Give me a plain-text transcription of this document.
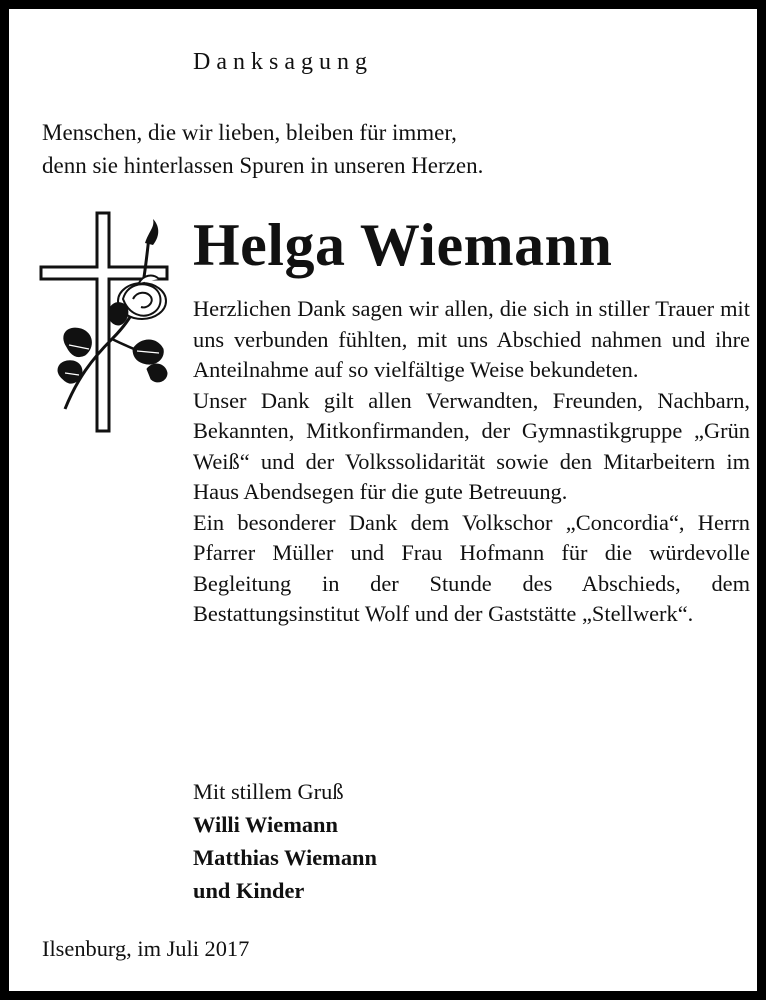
Danksagung
Menschen, die wir lieben, bleiben für immer,
denn sie hinterlassen Spuren in unseren Herzen.
Helga Wiemann

Herzlichen Dank sagen wir allen, die sich in stiller Trauer mit uns verbunden fühlten, mit uns Abschied nahmen und ihre Anteilnahme auf so vielfältige Weise bekundeten.

Unser Dank gilt allen Verwandten, Freunden, Nachbarn, Bekannten, Mitkonfirmanden, der Gymnastikgruppe „Grün Weiß“ und der Volkssolidarität sowie den Mitarbeitern im Haus Abendsegen für die gute Betreuung.

Ein besonderer Dank dem Volkschor „Concordia“, Herrn Pfarrer Müller und Frau Hofmann für die würdevolle Begleitung in der Stunde des Abschieds, dem Bestattungsinstitut Wolf und der Gaststätte „Stellwerk“.

Mit stillem Gruß
Willi Wiemann
Matthias Wiemann
und Kinder
Ilsenburg, im Juli 2017
